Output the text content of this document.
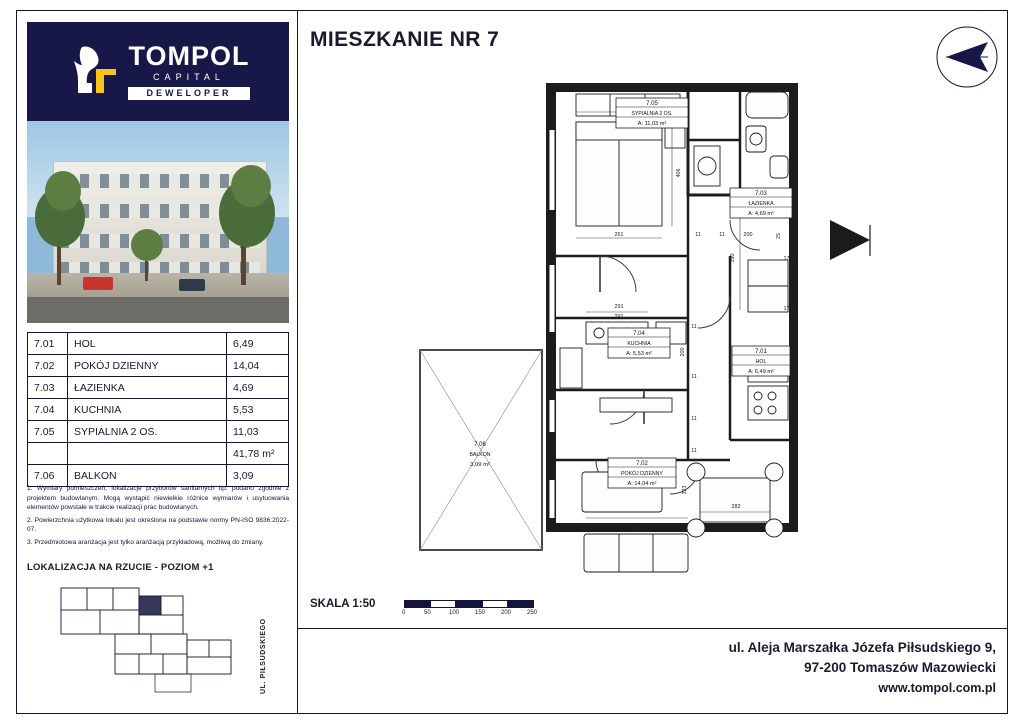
TOMPOL
CAPITAL
DEWELOPER
7.01	HOL	6,49
7.02	POKÓJ DZIENNY	14,04
7.03	ŁAZIENKA	4,69
7.04	KUCHNIA	5,53
7.05	SYPIALNIA 2 OS.	11,03
		41,78 m²
7.06	BALKON	3,09

1. Wymiary pomieszczeń, lokalizacje przyborów sanitarnych itp. podano zgodnie z projektem budowlanym. Mogą wystąpić niewielkie różnice wymiarów i usytuowania elementów powstałe w trakcie realizacji prac budowlanych.

2. Powierzchnia użytkowa lokalu jest określona na podstawie normy PN-ISO 9836:2022-07.

3. Przedmiotowa aranżacja jest tylko aranżacją przykładową, możliwą do zmiany.

LOKALIZACJA NA RZUCIE - POZIOM +1
UL. PIŁSUDSKIEGO
MIESZKANIE NR 7
7.05
SYPIALNIA 2 OS.
A: 11,03 m²
7.03
ŁAZIENKA
A: 4,69 m²
7.04
KUCHNIA
A: 5,53 m²	7.01
HOL
A: 6,49 m²
7.02
POKÓJ DZIENNY
A: 14,04 m²
7.06
BALKON
3,09 m²
261
406
291
11	11	200	25
170
390
170
291
200
11
11
11
11
323
282
472
SKALA 1:50
0	50	100	150	200	250
ul. Aleja Marszałka Józefa Piłsudskiego 9,
97-200 Tomaszów Mazowiecki
www.tompol.com.pl
